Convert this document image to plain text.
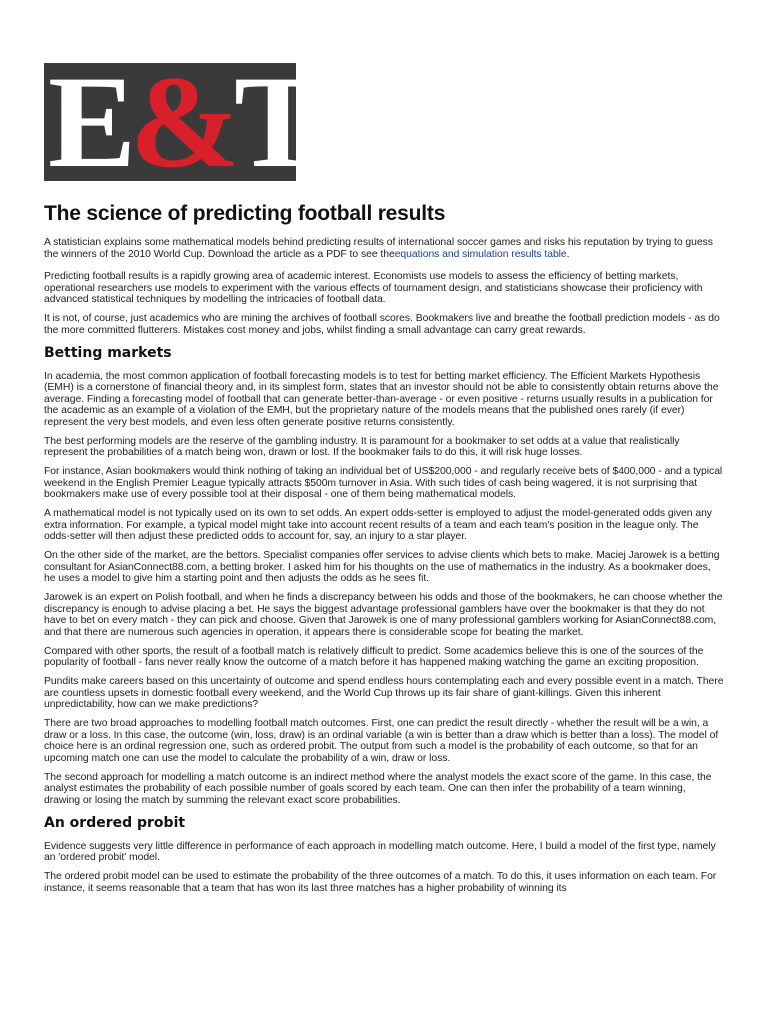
E&T
The science of predicting football results

A statistician explains some mathematical models behind predicting results of international soccer games and risks his reputation by trying to guess the winners of the 2010 World Cup. Download the article as a PDF to see theequations and simulation results table.

Predicting football results is a rapidly growing area of academic interest. Economists use models to assess the efficiency of betting markets, operational researchers use models to experiment with the various effects of tournament design, and statisticians showcase their proficiency with advanced statistical techniques by modelling the intricacies of football data.

It is not, of course, just academics who are mining the archives of football scores. Bookmakers live and breathe the football prediction models - as do the more committed flutterers. Mistakes cost money and jobs, whilst finding a small advantage can carry great rewards.

Betting markets

In academia, the most common application of football forecasting models is to test for betting market efficiency. The Efficient Markets Hypothesis (EMH) is a cornerstone of financial theory and, in its simplest form, states that an investor should not be able to consistently obtain returns above the average. Finding a forecasting model of football that can generate better-than-average - or even positive - returns usually results in a publication for the academic as an example of a violation of the EMH, but the proprietary nature of the models means that the published ones rarely (if ever) represent the very best models, and even less often generate positive returns consistently.

The best performing models are the reserve of the gambling industry. It is paramount for a bookmaker to set odds at a value that realistically represent the probabilities of a match being won, drawn or lost. If the bookmaker fails to do this, it will risk huge losses.

For instance, Asian bookmakers would think nothing of taking an individual bet of US$200,000 - and regularly receive bets of $400,000 - and a typical weekend in the English Premier League typically attracts $500m turnover in Asia. With such tides of cash being wagered, it is not surprising that bookmakers make use of every possible tool at their disposal - one of them being mathematical models.

A mathematical model is not typically used on its own to set odds. An expert odds-setter is employed to adjust the model-generated odds given any extra information. For example, a typical model might take into account recent results of a team and each team's position in the league only. The odds-setter will then adjust these predicted odds to account for, say, an injury to a star player.

On the other side of the market, are the bettors. Specialist companies offer services to advise clients which bets to make. Maciej Jarowek is a betting consultant for AsianConnect88.com, a betting broker. I asked him for his thoughts on the use of mathematics in the industry. As a bookmaker does, he uses a model to give him a starting point and then adjusts the odds as he sees fit.

Jarowek is an expert on Polish football, and when he finds a discrepancy between his odds and those of the bookmakers, he can choose whether the discrepancy is enough to advise placing a bet. He says the biggest advantage professional gamblers have over the bookmaker is that they do not have to bet on every match - they can pick and choose. Given that Jarowek is one of many professional gamblers working for AsianConnect88.com, and that there are numerous such agencies in operation, it appears there is considerable scope for beating the market.

Compared with other sports, the result of a football match is relatively difficult to predict. Some academics believe this is one of the sources of the popularity of football - fans never really know the outcome of a match before it has happened making watching the game an exciting proposition.

Pundits make careers based on this uncertainty of outcome and spend endless hours contemplating each and every possible event in a match. There are countless upsets in domestic football every weekend, and the World Cup throws up its fair share of giant-killings. Given this inherent unpredictability, how can we make predictions?

There are two broad approaches to modelling football match outcomes. First, one can predict the result directly - whether the result will be a win, a draw or a loss. In this case, the outcome (win, loss, draw) is an ordinal variable (a win is better than a draw which is better than a loss). The model of choice here is an ordinal regression one, such as ordered probit. The output from such a model is the probability of each outcome, so that for an upcoming match one can use the model to calculate the probability of a win, draw or loss.

The second approach for modelling a match outcome is an indirect method where the analyst models the exact score of the game. In this case, the analyst estimates the probability of each possible number of goals scored by each team. One can then infer the probability of a team winning, drawing or losing the match by summing the relevant exact score probabilities.

An ordered probit

Evidence suggests very little difference in performance of each approach in modelling match outcome. Here, I build a model of the first type, namely an 'ordered probit' model.

The ordered probit model can be used to estimate the probability of the three outcomes of a match. To do this, it uses information on each team. For instance, it seems reasonable that a team that has won its last three matches has a higher probability of winning its
